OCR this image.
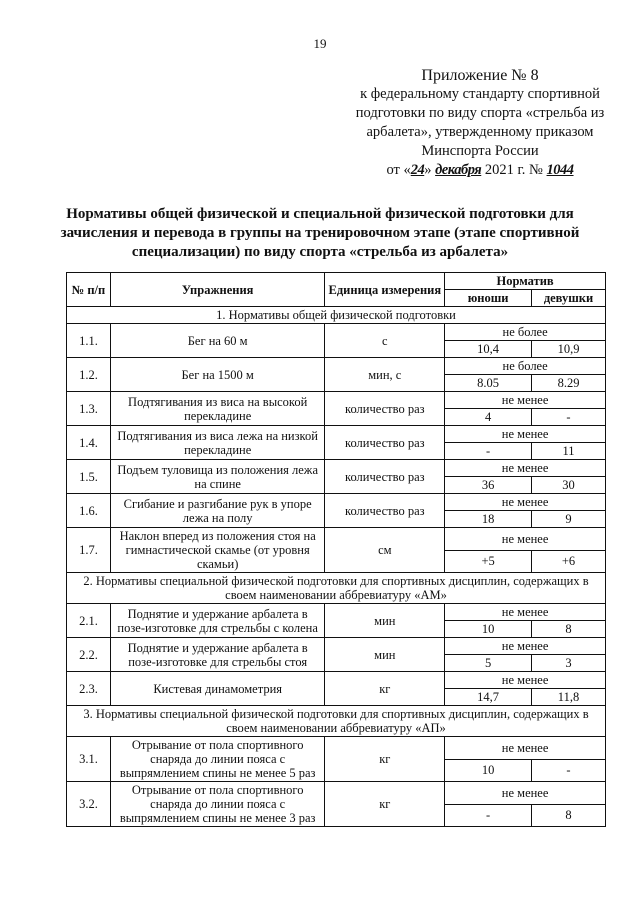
19
Приложение № 8
к федеральному стандарту спортивной
подготовки по виду спорта «стрельба из
арбалета», утвержденному приказом
Минспорта России
от «24» декабря 2021 г. № 1044
Нормативы общей физической и специальной физической подготовки для зачисления и перевода в группы на тренировочном этапе (этапе спортивной специализации) по виду спорта «стрельба из арбалета»
№ п/п	Упражнения	Единица измерения	Норматив	
			юноши	девушки
1. Нормативы общей физической подготовки				
1.1.	Бег на 60 м	с	не более	
			10,4	10,9
1.2.	Бег на 1500 м	мин, с	не более	
			8.05	8.29
1.3.	Подтягивания из виса на высокой перекладине	количество раз	не менее	
			4	-
1.4.	Подтягивания из виса лежа на низкой перекладине	количество раз	не менее	
			-	11
1.5.	Подъем туловища из положения лежа на спине	количество раз	не менее	
			36	30
1.6.	Сгибание и разгибание рук в упоре лежа на полу	количество раз	не менее	
			18	9
1.7.	Наклон вперед из положения стоя на гимнастической скамье (от уровня скамьи)	см	не менее	
			+5	+6
2. Нормативы специальной физической подготовки для спортивных дисциплин, содержащих в своем наименовании аббревиатуру «АМ»				
2.1.	Поднятие и удержание арбалета в позе-изготовке для стрельбы с колена	мин	не менее	
			10	8
2.2.	Поднятие и удержание арбалета в позе-изготовке для стрельбы стоя	мин	не менее	
			5	3
2.3.	Кистевая динамометрия	кг	не менее	
			14,7	11,8
3. Нормативы специальной физической подготовки для спортивных дисциплин, содержащих в своем наименовании аббревиатуру «АП»				
3.1.	Отрывание от пола спортивного снаряда до линии пояса с выпрямлением спины не менее 5 раз	кг	не менее	
			10	-
3.2.	Отрывание от пола спортивного снаряда до линии пояса с выпрямлением спины не менее 3 раз	кг	не менее	
			-	8
